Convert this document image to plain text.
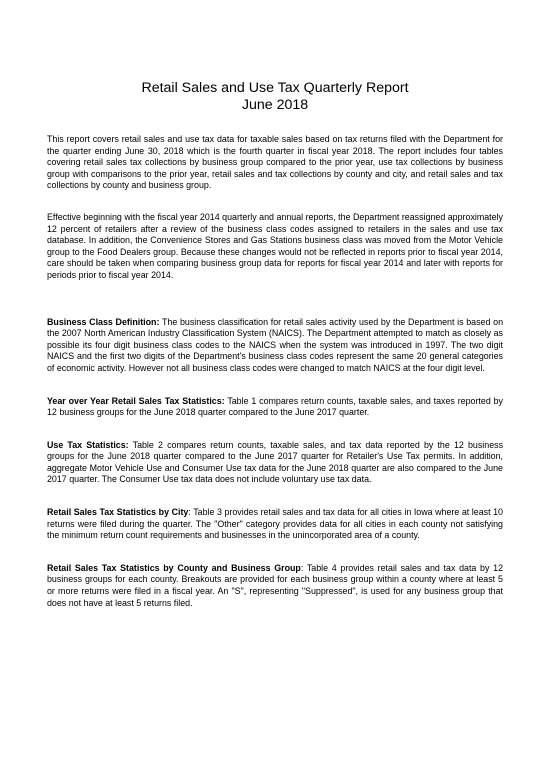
Retail Sales and Use Tax Quarterly Report
June 2018

This report covers retail sales and use tax data for taxable sales based on tax returns filed with the Department for the quarter ending June 30, 2018 which is the fourth quarter in fiscal year 2018. The report includes four tables covering retail sales tax collections by business group compared to the prior year, use tax collections by business group with comparisons to the prior year, retail sales and tax collections by county and city, and retail sales and tax collections by county and business group.

Effective beginning with the fiscal year 2014 quarterly and annual reports, the Department reassigned approximately 12 percent of retailers after a review of the business class codes assigned to retailers in the sales and use tax database. In addition, the Convenience Stores and Gas Stations business class was moved from the Motor Vehicle group to the Food Dealers group. Because these changes would not be reflected in reports prior to fiscal year 2014, care should be taken when comparing business group data for reports for fiscal year 2014 and later with reports for periods prior to fiscal year 2014.

Business Class Definition: The business classification for retail sales activity used by the Department is based on the 2007 North American Industry Classification System (NAICS). The Department attempted to match as closely as possible its four digit business class codes to the NAICS when the system was introduced in 1997. The two digit NAICS and the first two digits of the Department's business class codes represent the same 20 general categories of economic activity. However not all business class codes were changed to match NAICS at the four digit level.

Year over Year Retail Sales Tax Statistics: Table 1 compares return counts, taxable sales, and taxes reported by 12 business groups for the June 2018 quarter compared to the June 2017 quarter.

Use Tax Statistics: Table 2 compares return counts, taxable sales, and tax data reported by the 12 business groups for the June 2018 quarter compared to the June 2017 quarter for Retailer's Use Tax permits. In addition, aggregate Motor Vehicle Use and Consumer Use tax data for the June 2018 quarter are also compared to the June 2017 quarter. The Consumer Use tax data does not include voluntary use tax data.

Retail Sales Tax Statistics by City: Table 3 provides retail sales and tax data for all cities in Iowa where at least 10 returns were filed during the quarter. The "Other" category provides data for all cities in each county not satisfying the minimum return count requirements and businesses in the unincorporated area of a county.

Retail Sales Tax Statistics by County and Business Group: Table 4 provides retail sales and tax data by 12 business groups for each county. Breakouts are provided for each business group within a county where at least 5 or more returns were filed in a fiscal year. An "S", representing "Suppressed", is used for any business group that does not have at least 5 returns filed.
